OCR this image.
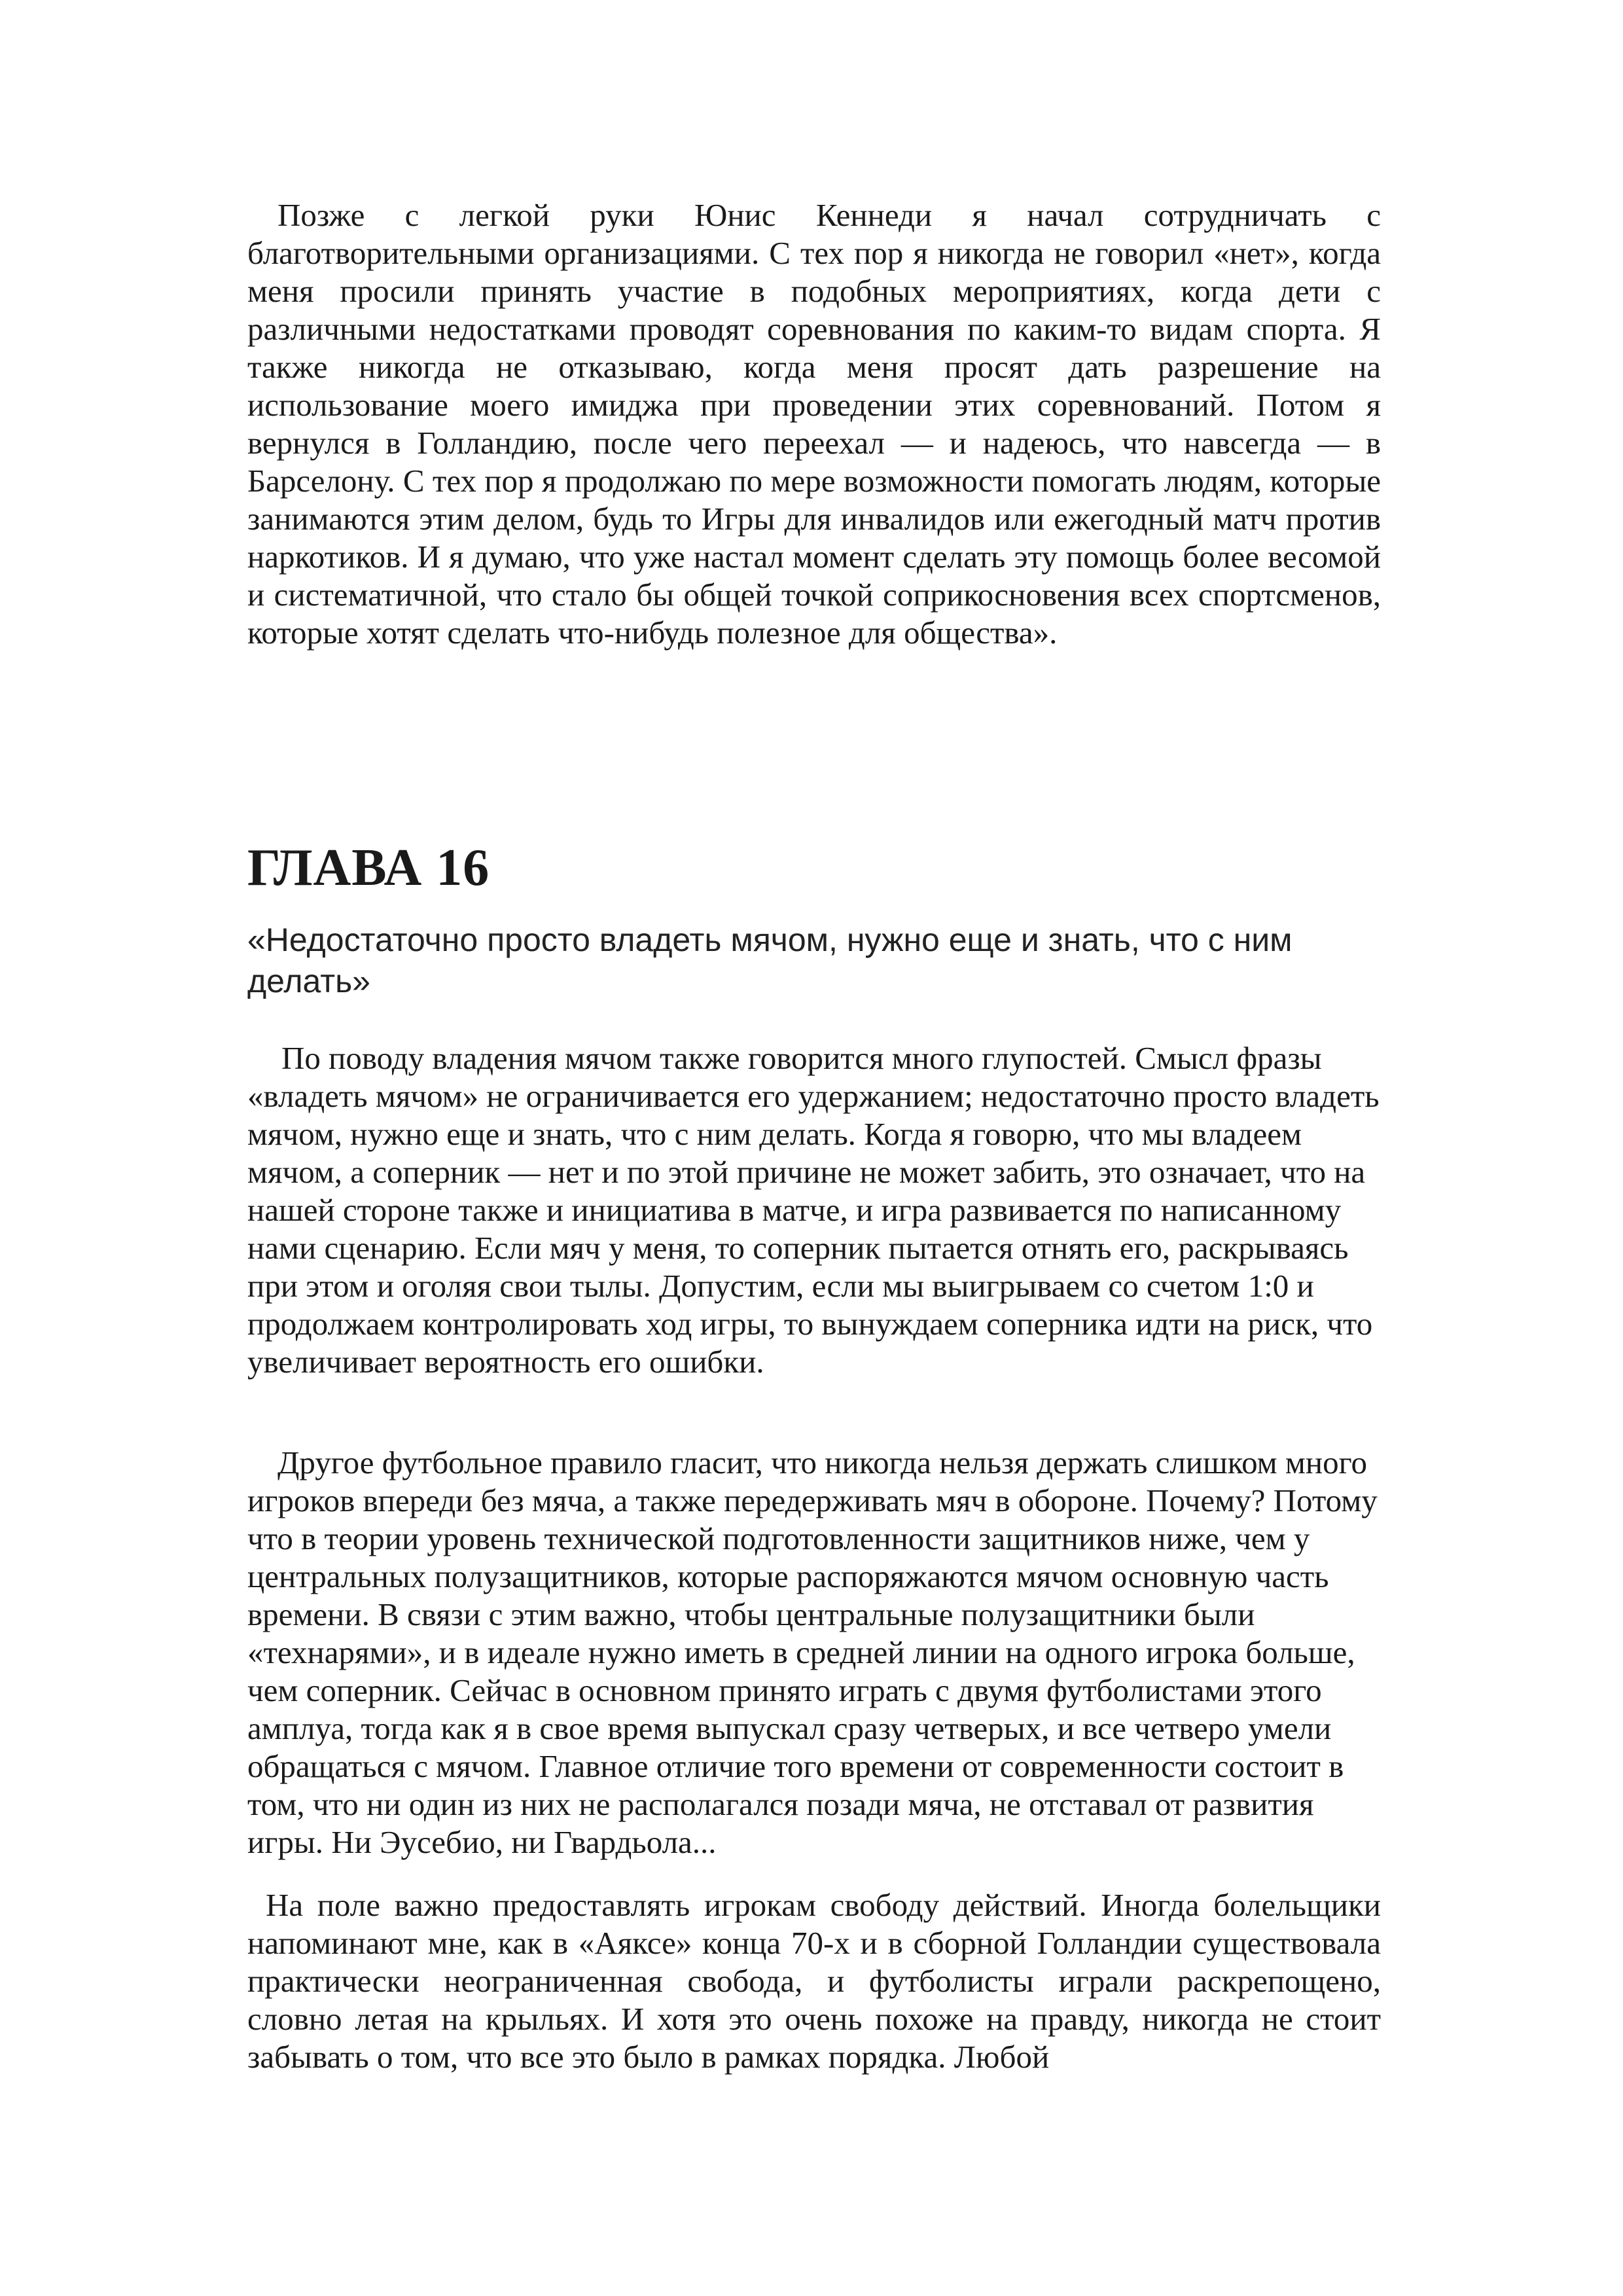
Позже с легкой руки Юнис Кеннеди я начал сотрудничать с благотворительными организациями. С тех пор я никогда не говорил «нет», когда меня просили принять участие в подобных мероприятиях, когда дети с различными недостатками проводят соревнования по каким-то видам спорта. Я также никогда не отказываю, когда меня просят дать разрешение на использование моего имиджа при проведении этих соревнований. Потом я вернулся в Голландию, после чего переехал — и надеюсь, что навсегда — в Барселону. С тех пор я продолжаю по мере возможности помогать людям, которые занимаются этим делом, будь то Игры для инвалидов или ежегодный матч против наркотиков. И я думаю, что уже настал момент сделать эту помощь более весомой и систематичной, что стало бы общей точкой соприкосновения всех спортсменов, которые хотят сделать что-нибудь полезное для общества».

ГЛАВА 16
«Недостаточно просто владеть мячом, нужно еще и знать, что с ним делать»

По поводу владения мячом также говорится много глупостей. Смысл фразы «владеть мячом» не ограничивается его удержанием; недостаточно просто владеть мячом, нужно еще и знать, что с ним делать. Когда я говорю, что мы владеем мячом, а соперник — нет и по этой причине не может забить, это означает, что на нашей стороне также и инициатива в матче, и игра развивается по написанному нами сценарию. Если мяч у меня, то соперник пытается отнять его, раскрываясь при этом и оголяя свои тылы. Допустим, если мы выигрываем со счетом 1:0 и продолжаем контролировать ход игры, то вынуждаем соперника идти на риск, что увеличивает вероятность его ошибки.

Другое футбольное правило гласит, что никогда нельзя держать слишком много игроков впереди без мяча, а также передерживать мяч в обороне. Почему? Потому что в теории уровень технической подготовленности защитников ниже, чем у центральных полузащитников, которые распоряжаются мячом основную часть времени. В связи с этим важно, чтобы центральные полузащитники были «технарями», и в идеале нужно иметь в средней линии на одного игрока больше, чем соперник. Сейчас в основном принято играть с двумя футболистами этого амплуа, тогда как я в свое время выпускал сразу четверых, и все четверо умели обращаться с мячом. Главное отличие того времени от современности состоит в том, что ни один из них не располагался позади мяча, не отставал от развития игры. Ни Эусебио, ни Гвардьола...

На поле важно предоставлять игрокам свободу действий. Иногда болельщики напоминают мне, как в «Аяксе» конца 70-х и в сборной Голландии существовала практически неограниченная свобода, и футболисты играли раскрепощено, словно летая на крыльях. И хотя это очень похоже на правду, никогда не стоит забывать о том, что все это было в рамках порядка. Любой
